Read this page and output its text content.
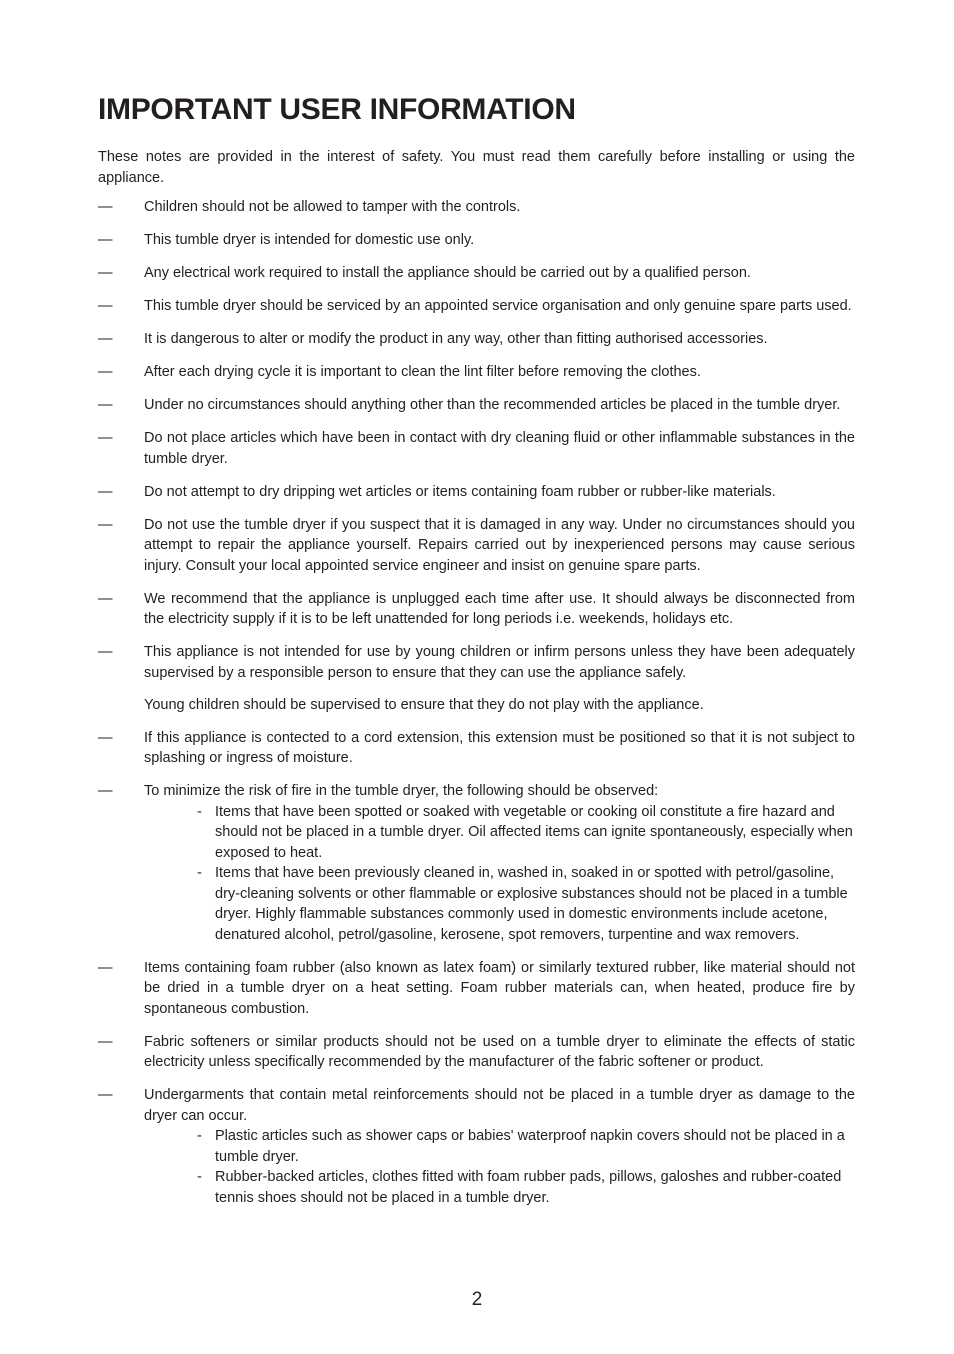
IMPORTANT USER INFORMATION

These notes are provided in the interest of safety. You must read them carefully before installing or using the appliance.

—	Children should not be allowed to tamper with the controls.
—	This tumble dryer is intended for domestic use only.
—	Any electrical work required to install the appliance should be carried out by a qualified person.
—	This tumble dryer should be serviced by an appointed service organisation and only genuine spare parts used.
—	It is dangerous to alter or modify the product in any way, other than fitting authorised accessories.
—	After each drying cycle it is important to clean the lint filter before removing the clothes.
—	Under no circumstances should anything other than the recommended articles be placed in the tumble dryer.
—	Do not place articles which have been in contact with dry cleaning fluid or other inflammable substances in the tumble dryer.
—	Do not attempt to dry dripping wet articles or items containing foam rubber or rubber-like materials.
—	Do not use the tumble dryer if you suspect that it is damaged in any way. Under no circumstances should you attempt to repair the appliance yourself. Repairs carried out by inexperienced persons may cause serious injury. Consult your local appointed service engineer and insist on genuine spare parts.
—	We recommend that the appliance is unplugged each time after use. It should always be disconnected from the electricity supply if it is to be left unattended for long periods i.e. weekends, holidays etc.
—	This appliance is not intended for use by young children or infirm persons unless they have been adequately supervised by a responsible person to ensure that they can use the appliance safely.
Young children should be supervised to ensure that they do not play with the appliance.
—	If this appliance is contected to a cord extension, this extension must be positioned so that it is not subject to splashing or ingress of moisture.
—	To minimize the risk of fire in the tumble dryer, the following should be observed:
- Items that have been spotted or soaked with vegetable or cooking oil constitute a fire hazard and should not be placed in a tumble dryer. Oil affected items can ignite spontaneously, especially when exposed to heat.
- Items that have been previously cleaned in, washed in, soaked in or spotted with petrol/gasoline, dry-cleaning solvents or other flammable or explosive substances should not be placed in a tumble dryer. Highly flammable substances commonly used in domestic environments include acetone, denatured alcohol, petrol/gasoline, kerosene, spot removers, turpentine and wax removers.
—	Items containing foam rubber (also known as latex foam) or similarly textured rubber, like material should not be dried in a tumble dryer on a heat setting. Foam rubber materials can, when heated, produce fire by spontaneous combustion.
—	Fabric softeners or similar products should not be used on a tumble dryer to eliminate the effects of static electricity unless specifically recommended by the manufacturer of the fabric softener or product.
—	Undergarments that contain metal reinforcements should not be placed in a tumble dryer as damage to the dryer can occur.
- Plastic articles such as shower caps or babies' waterproof napkin covers should not be placed in a tumble dryer.
- Rubber-backed articles, clothes fitted with foam rubber pads, pillows, galoshes and rubber-coated tennis shoes should not be placed in a tumble dryer.
2
